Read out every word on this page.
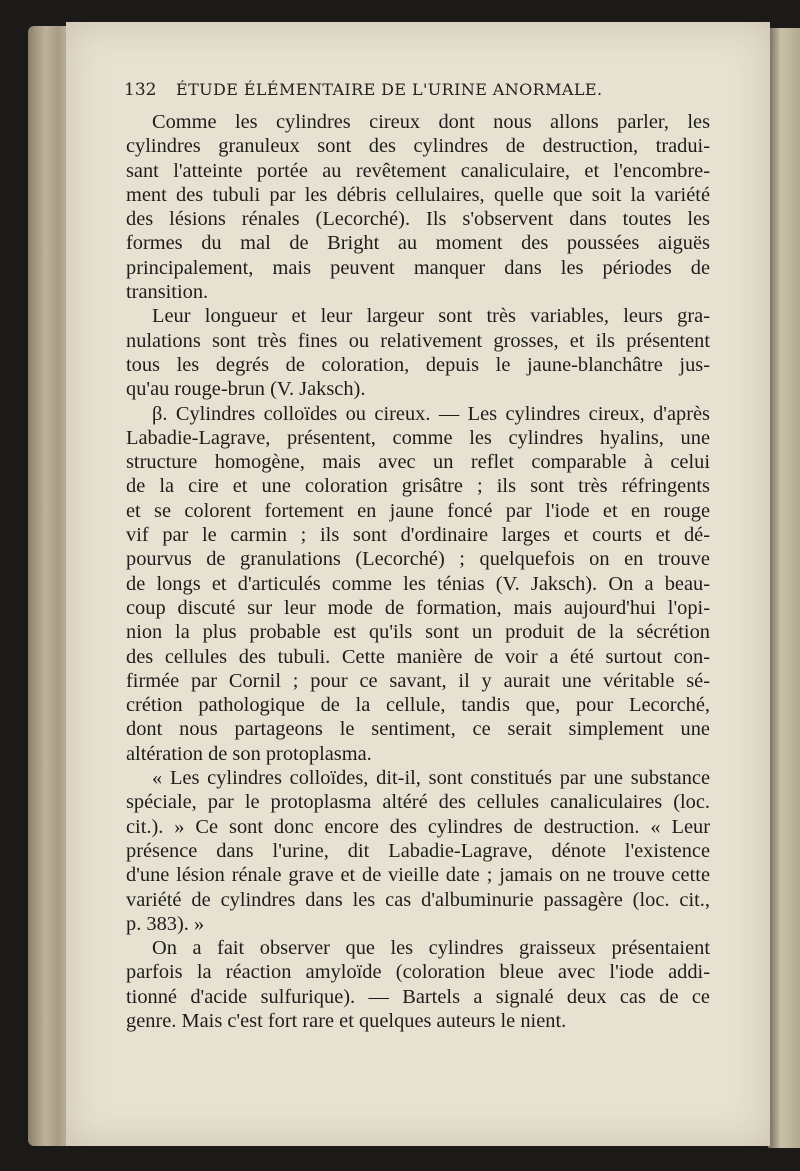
132 ÉTUDE ÉLÉMENTAIRE DE L'URINE ANORMALE.

Comme les cylindres cireux dont nous allons parler, les
cylindres granuleux sont des cylindres de destruction, tradui-
sant l'atteinte portée au revêtement canaliculaire, et l'encombre-
ment des tubuli par les débris cellulaires, quelle que soit la variété
des lésions rénales (Lecorché). Ils s'observent dans toutes les
formes du mal de Bright au moment des poussées aiguës
principalement, mais peuvent manquer dans les périodes de
transition.

Leur longueur et leur largeur sont très variables, leurs gra-
nulations sont très fines ou relativement grosses, et ils présentent
tous les degrés de coloration, depuis le jaune-blanchâtre jus-
qu'au rouge-brun (V. Jaksch).

β. Cylindres colloïdes ou cireux. — Les cylindres cireux, d'après
Labadie-Lagrave, présentent, comme les cylindres hyalins, une
structure homogène, mais avec un reflet comparable à celui
de la cire et une coloration grisâtre ; ils sont très réfringents
et se colorent fortement en jaune foncé par l'iode et en rouge
vif par le carmin ; ils sont d'ordinaire larges et courts et dé-
pourvus de granulations (Lecorché) ; quelquefois on en trouve
de longs et d'articulés comme les ténias (V. Jaksch). On a beau-
coup discuté sur leur mode de formation, mais aujourd'hui l'opi-
nion la plus probable est qu'ils sont un produit de la sécrétion
des cellules des tubuli. Cette manière de voir a été surtout con-
firmée par Cornil ; pour ce savant, il y aurait une véritable sé-
crétion pathologique de la cellule, tandis que, pour Lecorché,
dont nous partageons le sentiment, ce serait simplement une
altération de son protoplasma.

« Les cylindres colloïdes, dit-il, sont constitués par une substance
spéciale, par le protoplasma altéré des cellules canaliculaires (loc.
cit.). » Ce sont donc encore des cylindres de destruction. « Leur
présence dans l'urine, dit Labadie-Lagrave, dénote l'existence
d'une lésion rénale grave et de vieille date ; jamais on ne trouve cette
variété de cylindres dans les cas d'albuminurie passagère (loc. cit.,
p. 383). »

On a fait observer que les cylindres graisseux présentaient
parfois la réaction amyloïde (coloration bleue avec l'iode addi-
tionné d'acide sulfurique). — Bartels a signalé deux cas de ce
genre. Mais c'est fort rare et quelques auteurs le nient.
